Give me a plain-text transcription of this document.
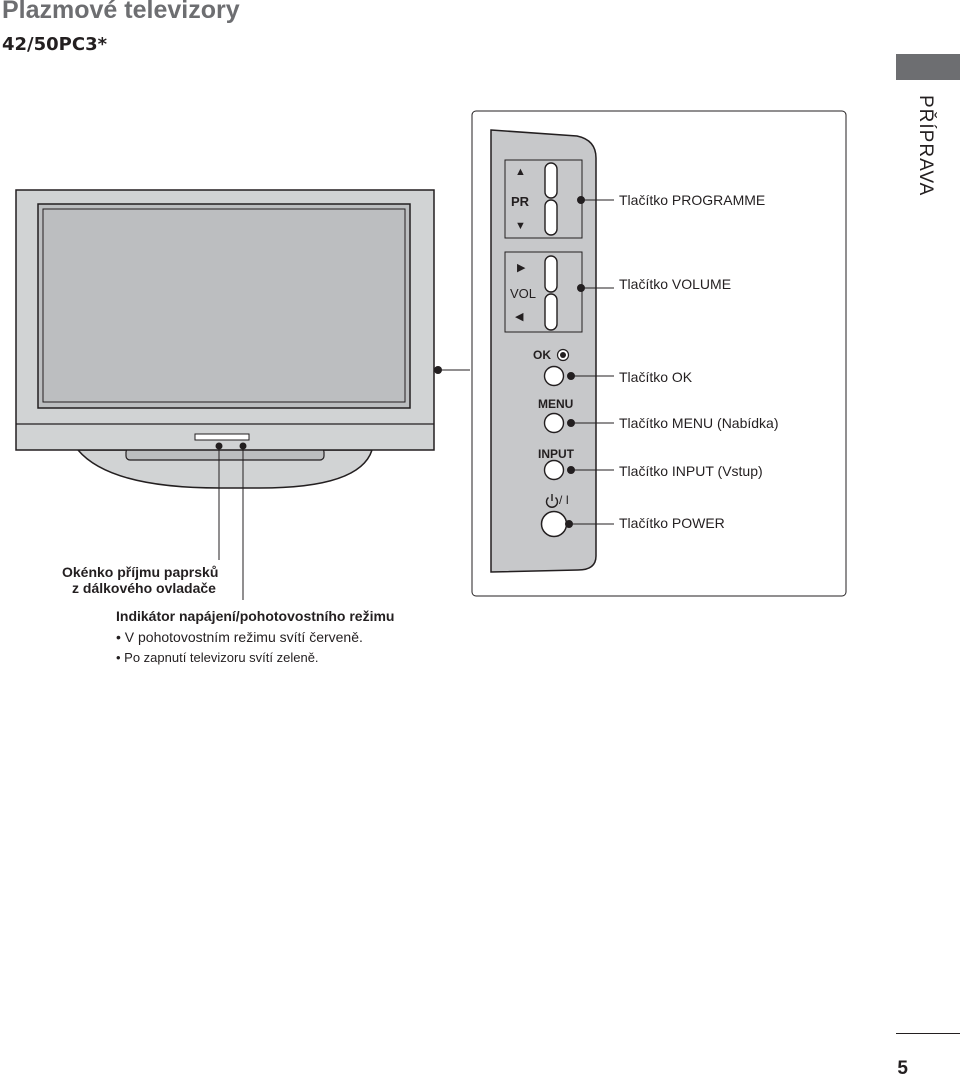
Plazmové televizory
42/50PC3*
PŘÍPRAVA
▲
PR
▼
▶
VOL
◀
OK
MENU
INPUT
/ I
Tlačítko PROGRAMME
Tlačítko VOLUME
Tlačítko OK
Tlačítko MENU (Nabídka)
Tlačítko INPUT (Vstup)
Tlačítko POWER
Okénko příjmu paprsků
z dálkového ovladače
Indikátor napájení/pohotovostního režimu
• V pohotovostním režimu svítí červeně.
• Po zapnutí televizoru svítí zeleně.
5
